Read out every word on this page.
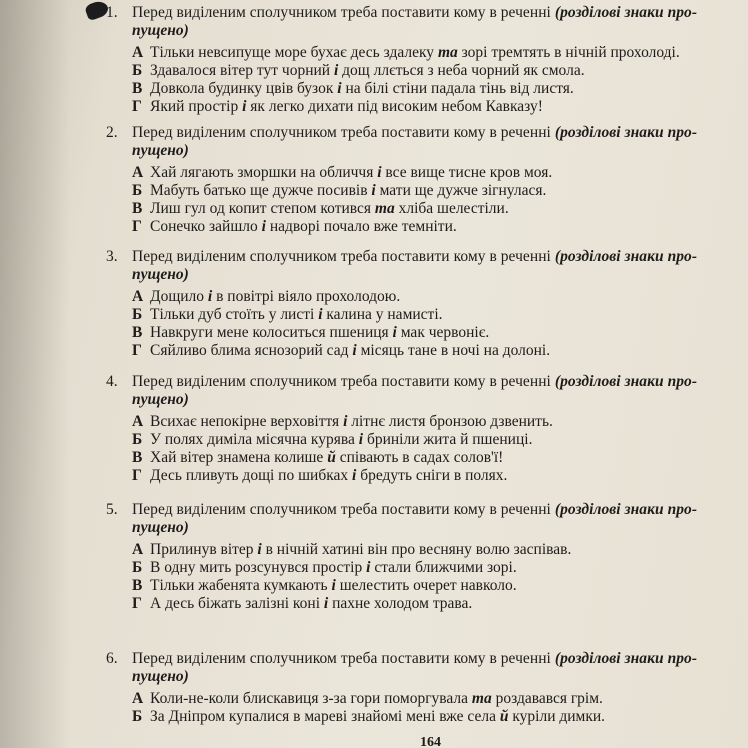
1. Перед виділеним сполучником треба поставити кому в реченні (розділові знаки про-
пущено)
А Тільки невсипуще море бухає десь здалеку та зорі тремтять в нічній прохолоді.
Б Здавалося вітер тут чорний і дощ ллється з неба чорний як смола.
В Довкола будинку цвів бузок і на білі стіни падала тінь від листя.
Г Який простір і як легко дихати під високим небом Кавказу!
2. Перед виділеним сполучником треба поставити кому в реченні (розділові знаки про-
пущено)
А Хай лягають зморшки на обличчя і все вище тисне кров моя.
Б Мабуть батько ще дужче посивів і мати ще дужче зігнулася.
В Лиш гул од копит степом котився та хліба шелестіли.
Г Сонечко зайшло і надворі почало вже темніти.
3. Перед виділеним сполучником треба поставити кому в реченні (розділові знаки про-
пущено)
А Дощило і в повітрі віяло прохолодою.
Б Тільки дуб стоїть у листі і калина у намисті.
В Навкруги мене колоситься пшениця і мак червоніє.
Г Сяйливо блима яснозорий сад і місяць тане в ночі на долоні.
4. Перед виділеним сполучником треба поставити кому в реченні (розділові знаки про-
пущено)
А Всихає непокірне верховіття і літнє листя бронзою дзвенить.
Б У полях диміла місячна курява і бриніли жита й пшениці.
В Хай вітер знамена колише й співають в садах солов'ї!
Г Десь пливуть дощі по шибках і бредуть сніги в полях.
5. Перед виділеним сполучником треба поставити кому в реченні (розділові знаки про-
пущено)
А Прилинув вітер і в нічній хатині він про весняну волю заспівав.
Б В одну мить розсунувся простір і стали ближчими зорі.
В Тільки жабенята кумкають і шелестить очерет навколо.
Г А десь біжать залізні коні і пахне холодом трава.
6. Перед виділеним сполучником треба поставити кому в реченні (розділові знаки про-
пущено)
А Коли-не-коли блискавиця з-за гори поморгувала та роздавався грім.
Б За Дніпром купалися в мареві знайомі мені вже села й куріли димки.
164
